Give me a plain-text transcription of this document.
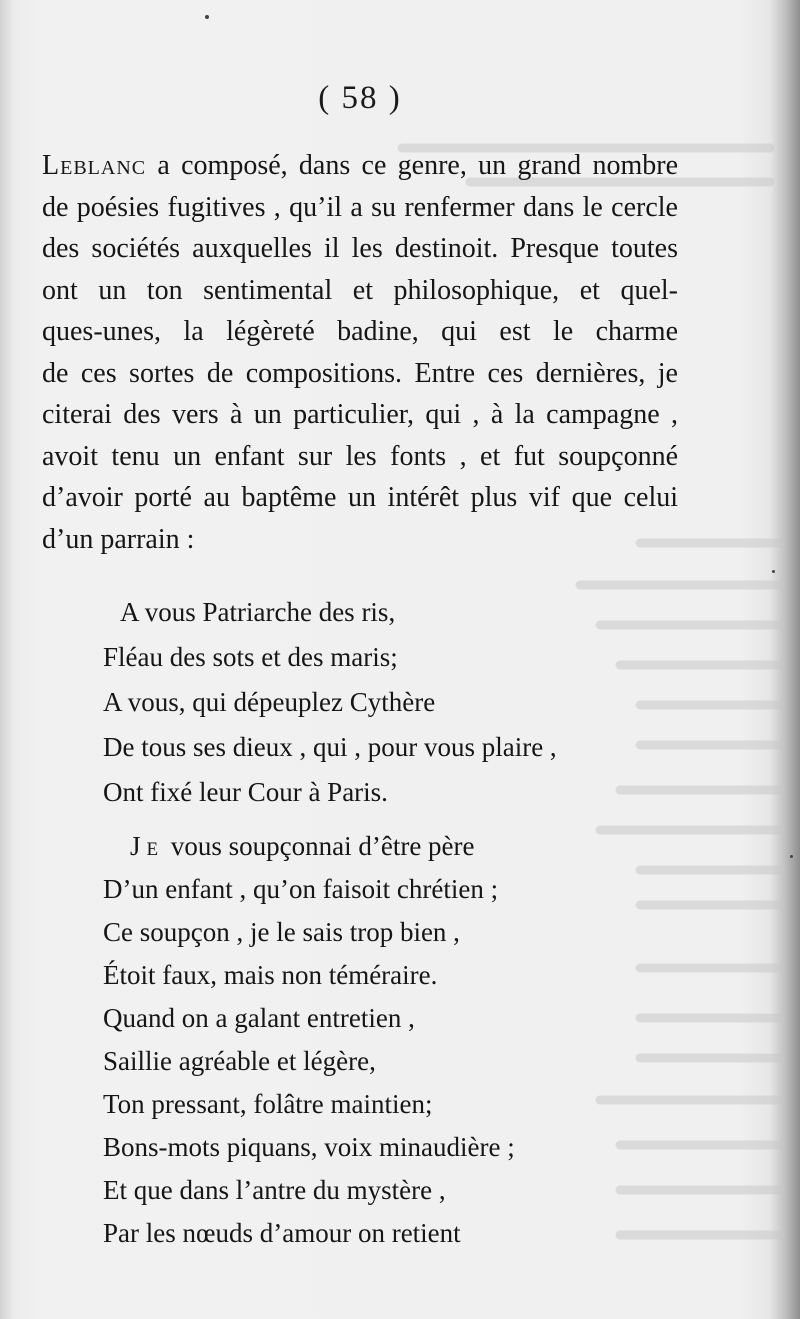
( 58 )
Leblanc a composé, dans ce genre, un grand nombre
de poésies fugitives , qu’il a su renfermer dans le cercle
des sociétés auxquelles il les destinoit. Presque toutes
ont un ton sentimental et philosophique, et quel-
ques-unes, la légèreté badine, qui est le charme
de ces sortes de compositions. Entre ces dernières, je
citerai des vers à un particulier, qui , à la campagne ,
avoit tenu un enfant sur les fonts , et fut soupçonné
d’avoir porté au baptême un intérêt plus vif que celui
d’un parrain :
A vous Patriarche des ris,
Fléau des sots et des maris;
A vous, qui dépeuplez Cythère
De tous ses dieux , qui , pour vous plaire ,
Ont fixé leur Cour à Paris.
Je vous soupçonnai d’être père
D’un enfant , qu’on faisoit chrétien ;
Ce soupçon , je le sais trop bien ,
Étoit faux, mais non téméraire.
Quand on a galant entretien ,
Saillie agréable et légère,
Ton pressant, folâtre maintien;
Bons-mots piquans, voix minaudière ;
Et que dans l’antre du mystère ,
Par les nœuds d’amour on retient
